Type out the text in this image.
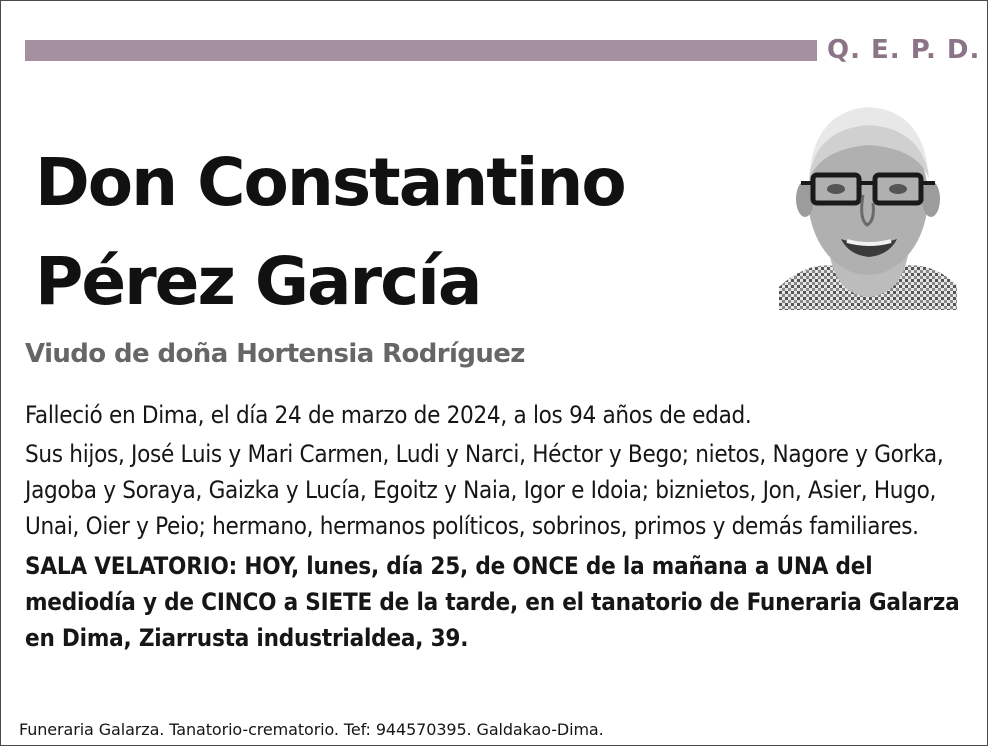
Q. E. P. D.
Don Constantino
Pérez García
Viudo de doña Hortensia Rodríguez

Falleció en Dima, el día 24 de marzo de 2024, a los 94 años de edad.

Sus hijos, José Luis y Mari Carmen, Ludi y Narci, Héctor y Bego; nietos, Nagore y Gorka, Jagoba y Soraya, Gaizka y Lucía, Egoitz y Naia, Igor e Idoia; biznietos, Jon, Asier, Hugo, Unai, Oier y Peio; hermano, hermanos políticos, sobrinos, primos y demás familiares.

SALA VELATORIO: HOY, lunes, día 25, de ONCE de la mañana a UNA del mediodía y de CINCO a SIETE de la tarde, en el tanatorio de Funeraria Galarza en Dima, Ziarrusta industrialdea, 39.

Funeraria Galarza. Tanatorio-crematorio. Tef: 944570395. Galdakao-Dima.
